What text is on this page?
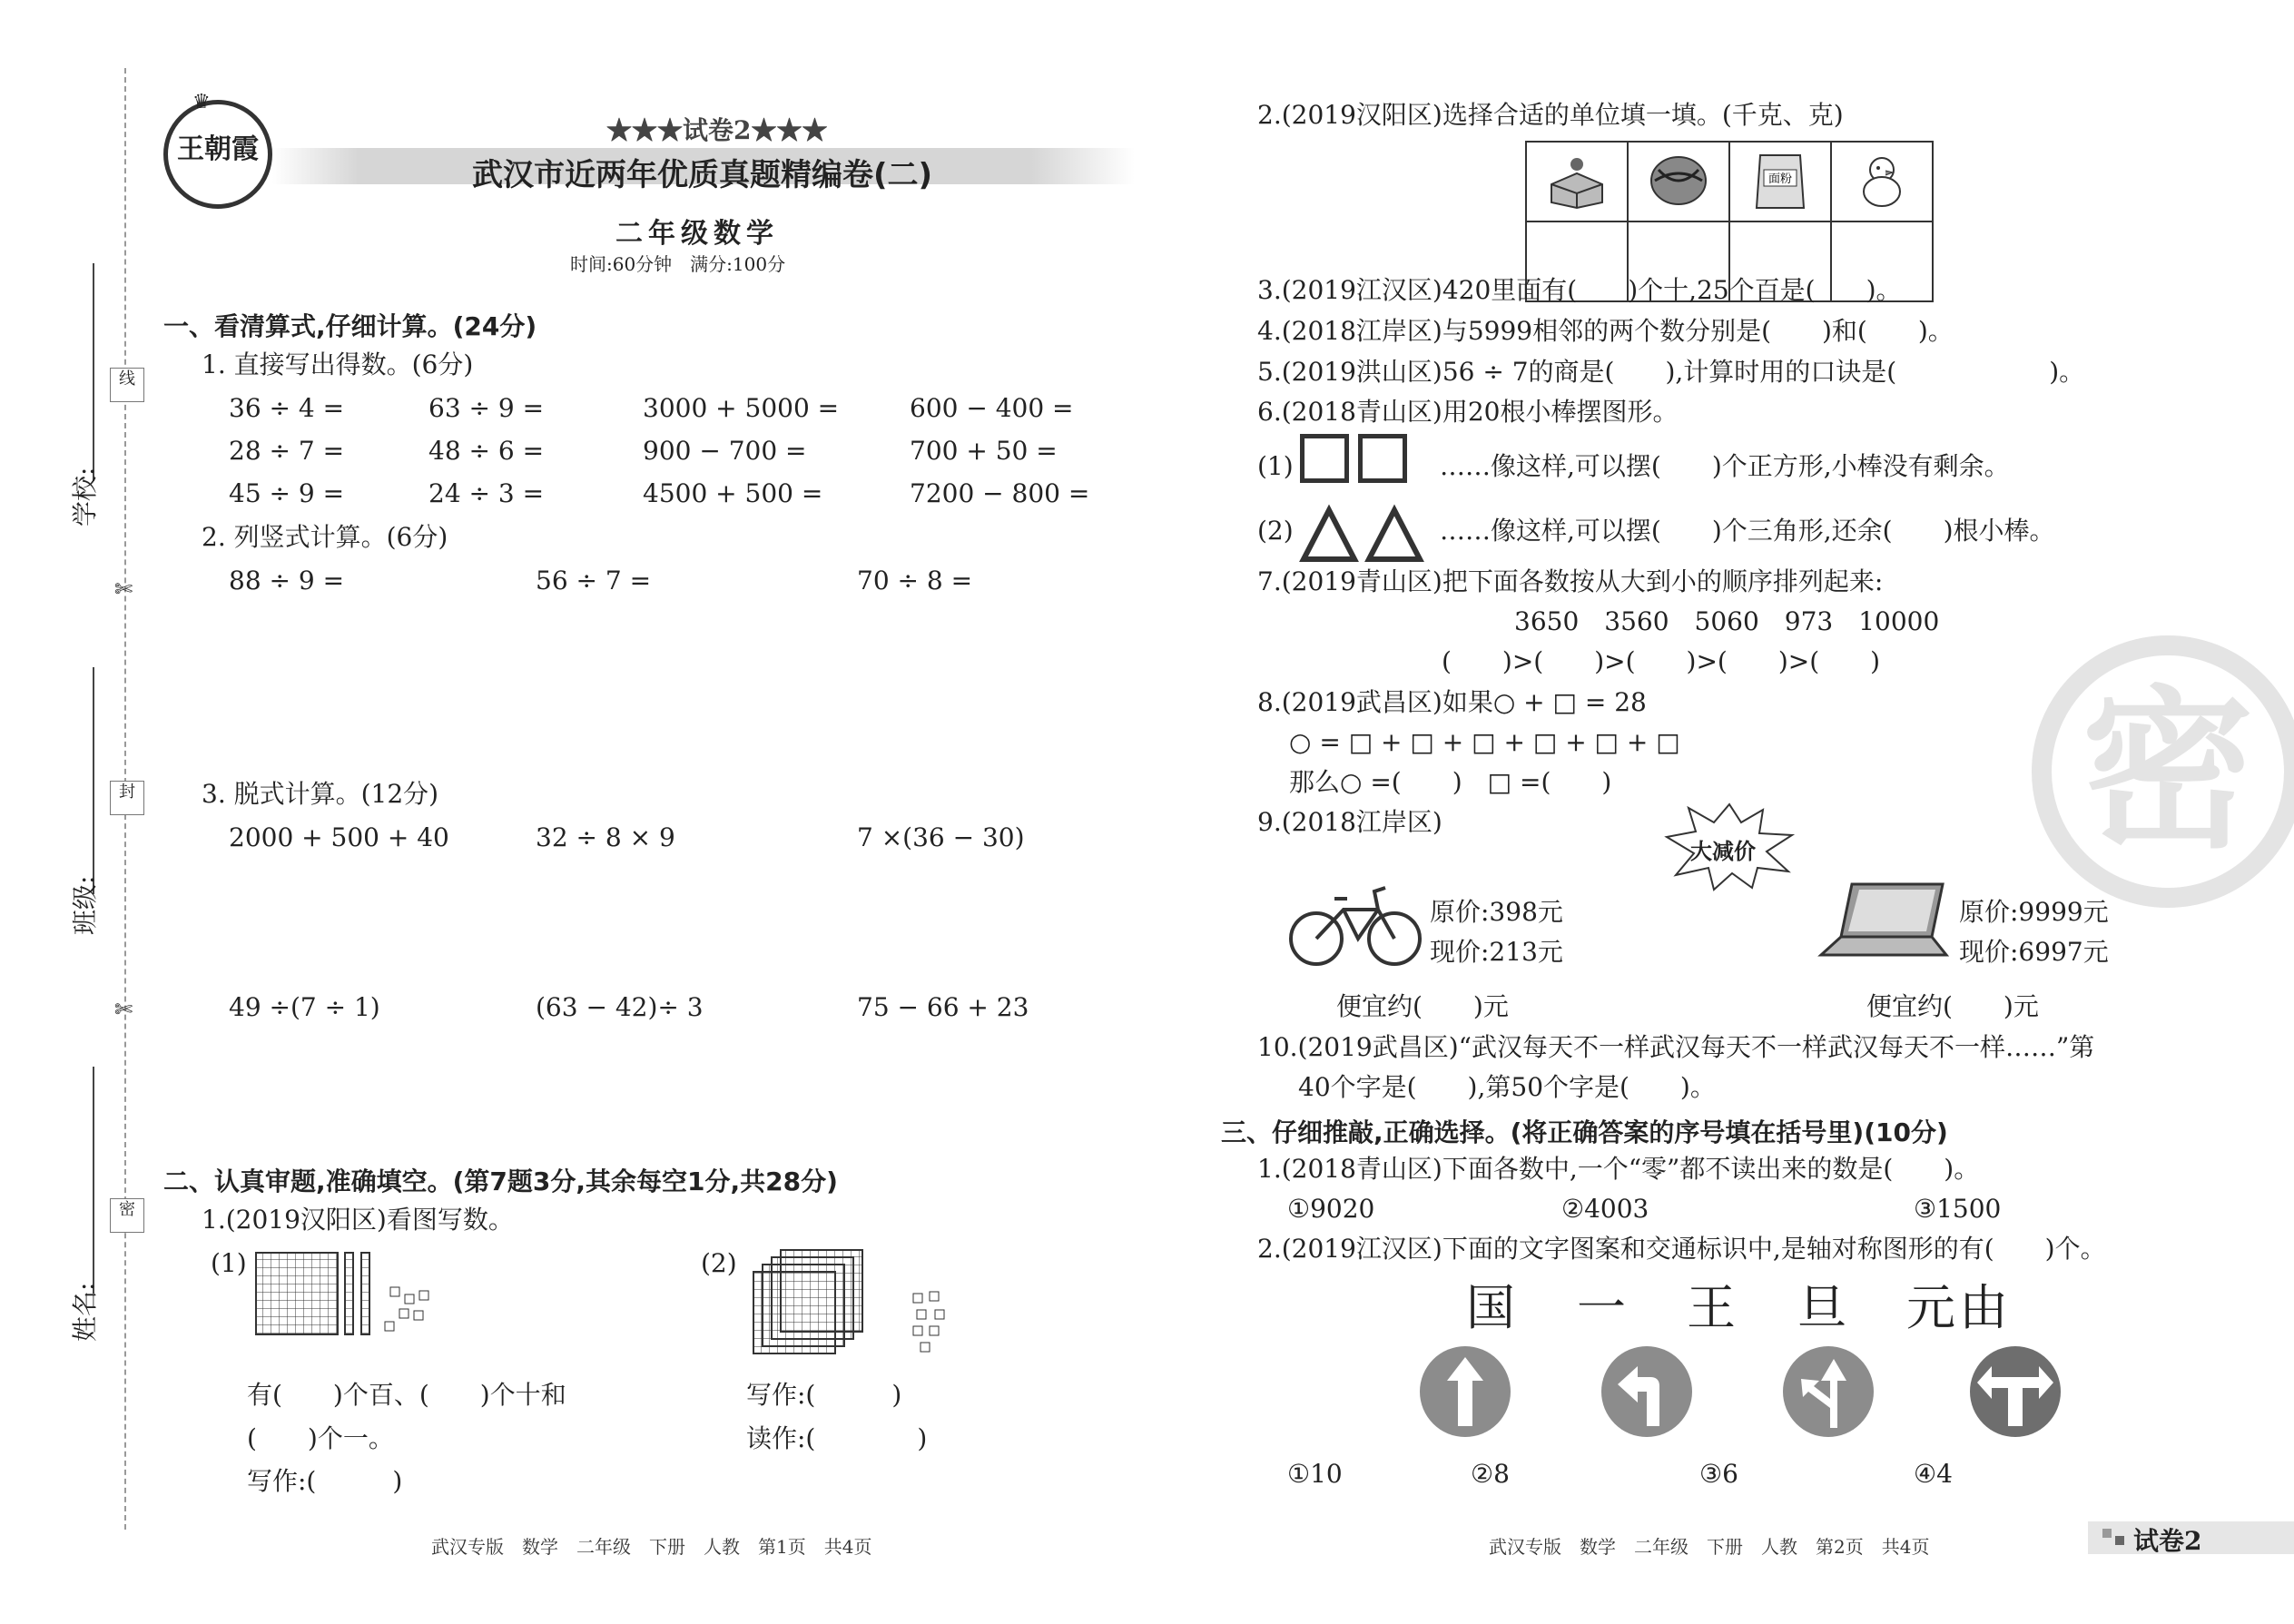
线
封
密
✄
✄
学校:
班级:
姓名:
王朝霞
♛
★★★试卷2★★★
武汉市近两年优质真题精编卷(二)
二年级数学
时间:60分钟　满分:100分
一、看清算式,仔细计算。(24分)
1. 直接写出得数。(6分)
36 ÷ 4 =	63 ÷ 9 =	3000 + 5000 =	600 − 400 =
28 ÷ 7 =	48 ÷ 6 =	900 − 700 =	700 + 50 =
45 ÷ 9 =	24 ÷ 3 =	4500 + 500 =	7200 − 800 =
2. 列竖式计算。(6分)
88 ÷ 9 =	56 ÷ 7 =	70 ÷ 8 =
3. 脱式计算。(12分)
2000 + 500 + 40	32 ÷ 8 × 9	7 ×(36 − 30)
49 ÷(7 ÷ 1)	(63 − 42)÷ 3	75 − 66 + 23
二、认真审题,准确填空。(第7题3分,其余每空1分,共28分)
1.(2019汉阳区)看图写数。
(1)
有(　　)个百、(　　)个十和
(　　)个一。
写作:(　　　)
(2)
写作:(　　　)
读作:(　　　　)
2.(2019汉阳区)选择合适的单位填一填。(千克、克)

面粉

3.(2019江汉区)420里面有(　　)个十,25个百是(　　)。
4.(2018江岸区)与5999相邻的两个数分别是(　　)和(　　)。
5.(2019洪山区)56 ÷ 7的商是(　　),计算时用的口诀是(　　　　　　)。
6.(2018青山区)用20根小棒摆图形。
(1)	……像这样,可以摆(　　)个正方形,小棒没有剩余。
(2)	……像这样,可以摆(　　)个三角形,还余(　　)根小棒。
7.(2019青山区)把下面各数按从大到小的顺序排列起来:
3650　3560　5060　973　10000
(　　)>(　　)>(　　)>(　　)>(　　)
8.(2019武昌区)如果○ + □ = 28
○ = □ + □ + □ + □ + □ + □
那么○ =(　　)　□ =(　　)
9.(2018江岸区)
大减价
原价:398元
现价:213元
原价:9999元
现价:6997元
便宜约(　　)元	便宜约(　　)元
10.(2019武昌区)“武汉每天不一样武汉每天不一样武汉每天不一样……”第
40个字是(　　),第50个字是(　　)。
三、仔细推敲,正确选择。(将正确答案的序号填在括号里)(10分)
1.(2018青山区)下面各数中,一个“零”都不读出来的数是(　　)。
①9020	②4003	③1500
2.(2019江汉区)下面的文字图案和交通标识中,是轴对称图形的有(　　)个。
国 一 王 旦 元 由
①10	②8	③6	④4
密
武汉专版　数学　二年级　下册　人教　第1页　共4页	武汉专版　数学　二年级　下册　人教　第2页　共4页	试卷2
